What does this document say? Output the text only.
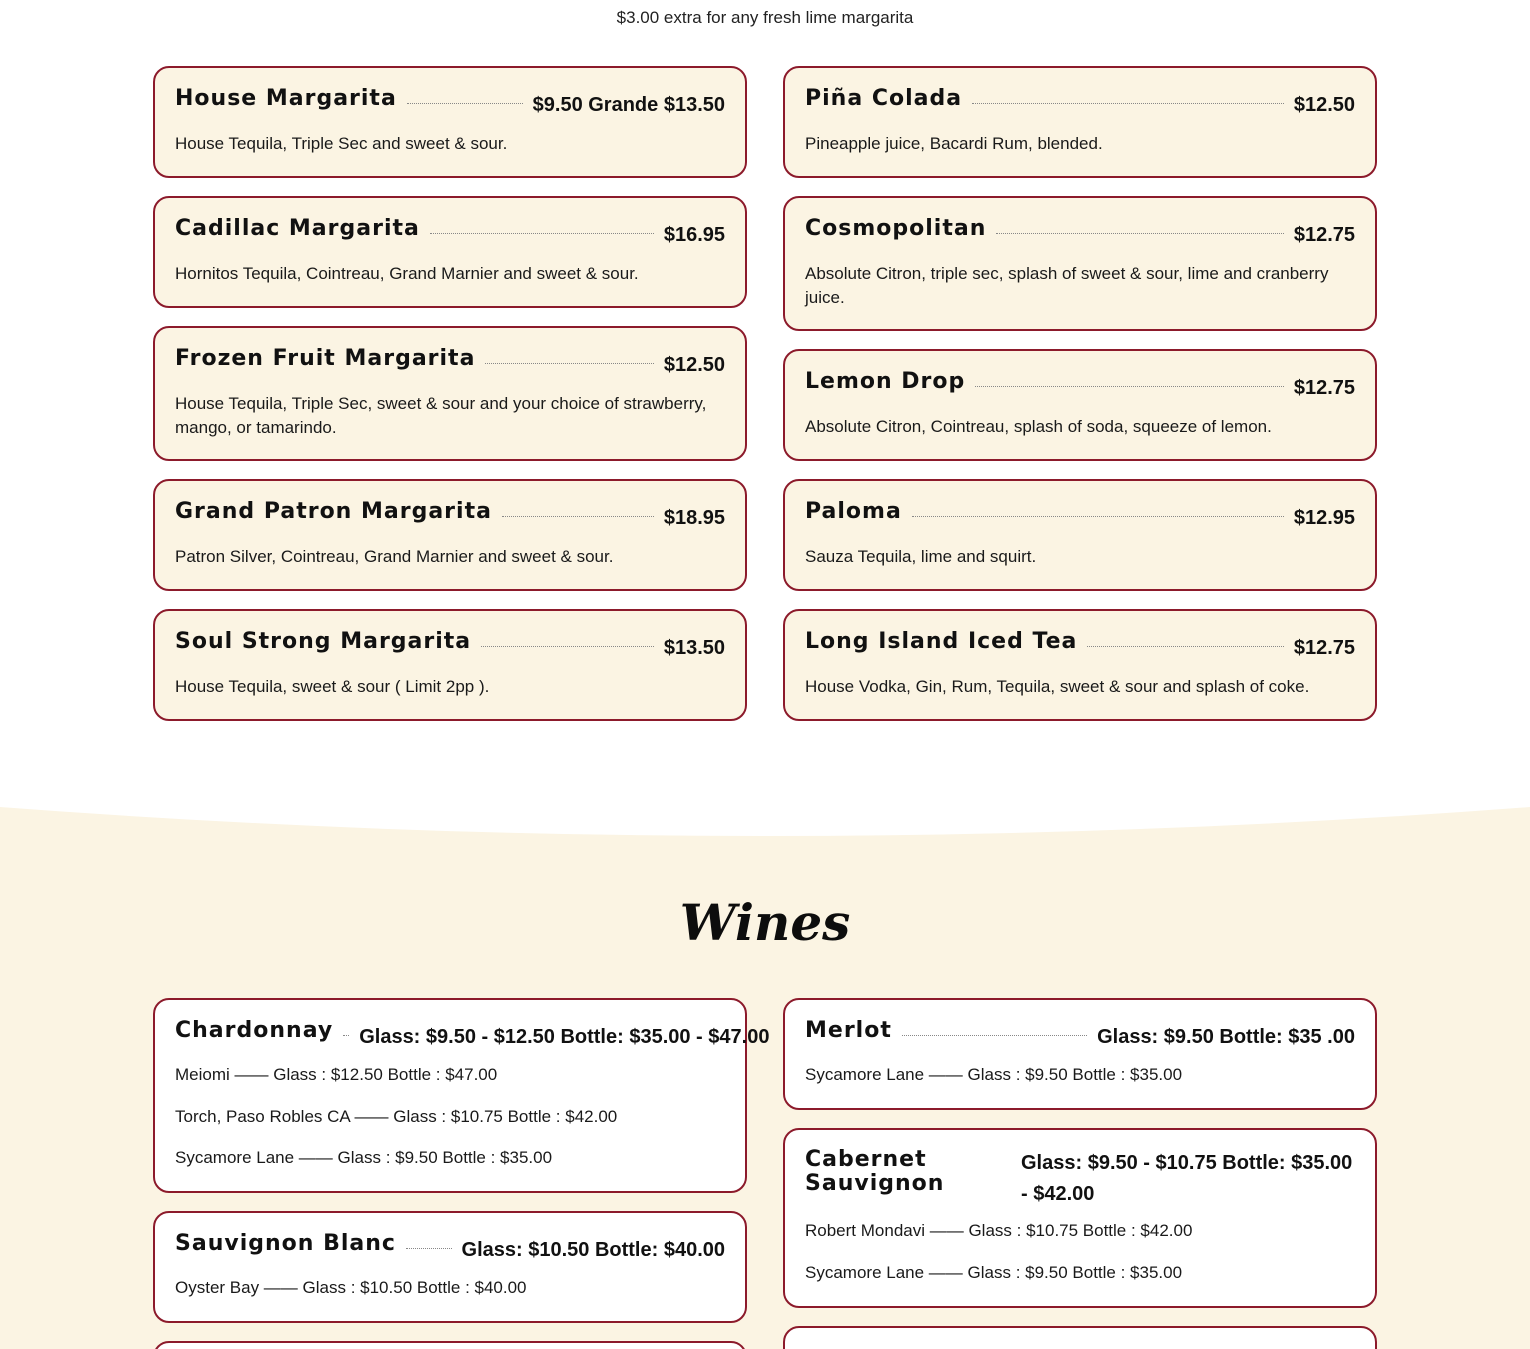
$3.00 extra for any fresh lime margarita
House Margarita	$9.50 Grande $13.50
House Tequila, Triple Sec and sweet & sour.
Cadillac Margarita	$16.95
Hornitos Tequila, Cointreau, Grand Marnier and sweet & sour.
Frozen Fruit Margarita	$12.50
House Tequila, Triple Sec, sweet & sour and your choice of strawberry, mango, or tamarindo.
Grand Patron Margarita	$18.95
Patron Silver, Cointreau, Grand Marnier and sweet & sour.
Soul Strong Margarita	$13.50
House Tequila, sweet & sour ( Limit 2pp ).
Piña Colada	$12.50
Pineapple juice, Bacardi Rum, blended.
Cosmopolitan	$12.75
Absolute Citron, triple sec, splash of sweet & sour, lime and cranberry juice.
Lemon Drop	$12.75
Absolute Citron, Cointreau, splash of soda, squeeze of lemon.
Paloma	$12.95
Sauza Tequila, lime and squirt.
Long Island Iced Tea	$12.75
House Vodka, Gin, Rum, Tequila, sweet & sour and splash of coke.
Wines
Chardonnay Glass: $9.50 - $12.50 Bottle: $35.00 - $47.00
Meiomi —— Glass : $12.50 Bottle : $47.00
Torch, Paso Robles CA —— Glass : $10.75 Bottle : $42.00
Sycamore Lane —— Glass : $9.50 Bottle : $35.00
Sauvignon Blanc	Glass: $10.50 Bottle: $40.00
Oyster Bay —— Glass : $10.50 Bottle : $40.00
Merlot	Glass: $9.50 Bottle: $35 .00
Sycamore Lane —— Glass : $9.50 Bottle : $35.00
Cabernet Sauvignon
Glass: $9.50 - $10.75 Bottle: $35.00 - $42.00
Robert Mondavi —— Glass : $10.75 Bottle : $42.00
Sycamore Lane —— Glass : $9.50 Bottle : $35.00
